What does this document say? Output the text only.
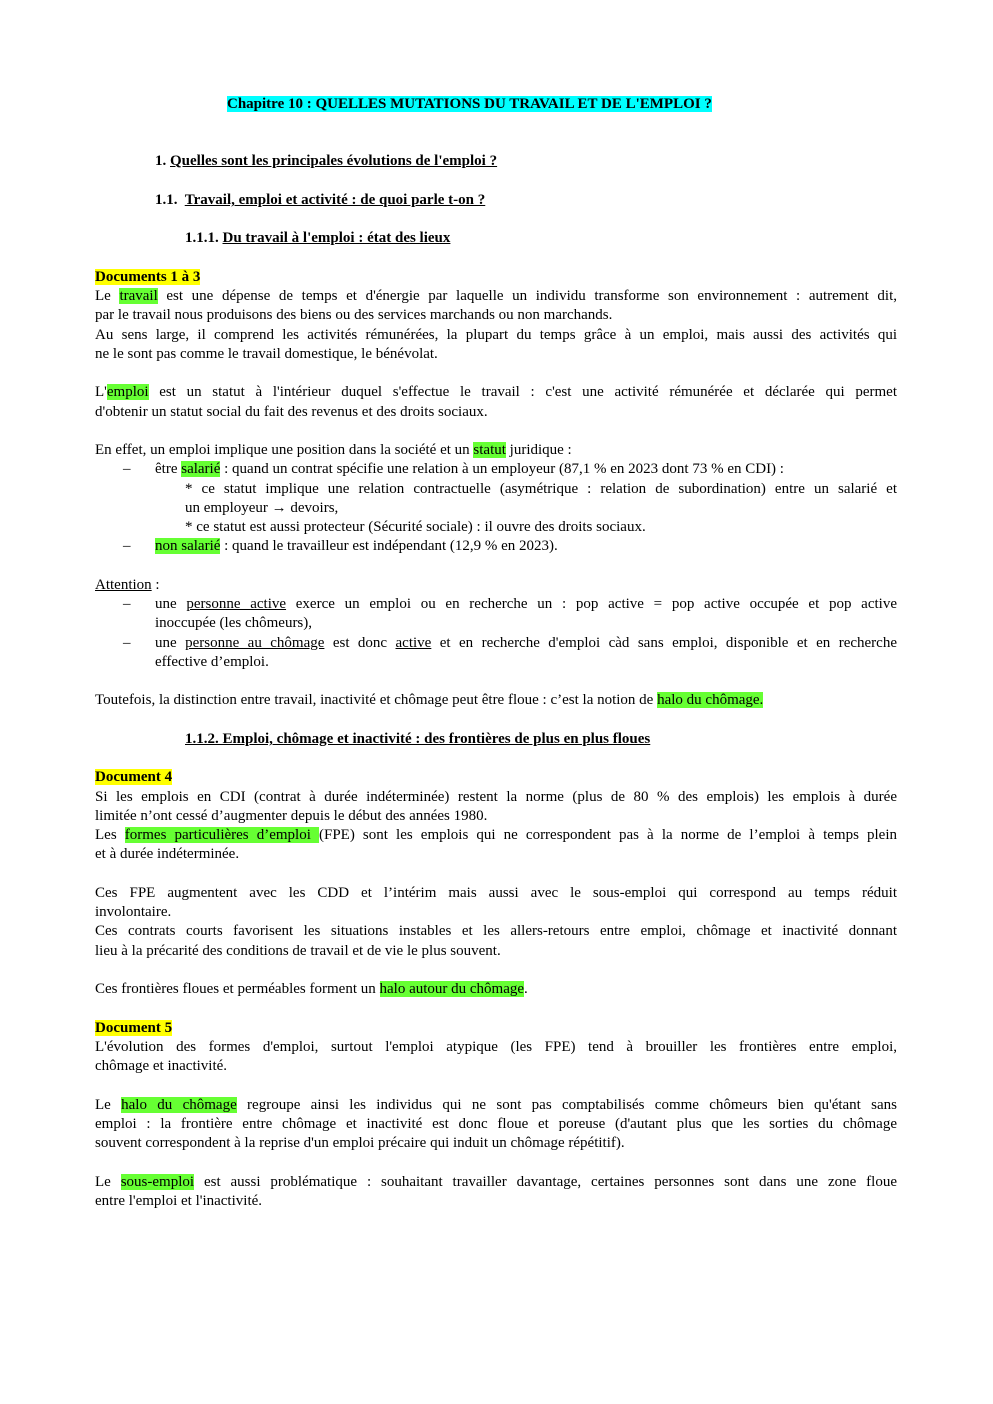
Chapitre 10 : QUELLES MUTATIONS DU TRAVAIL ET DE L'EMPLOI ?
1. Quelles sont les principales évolutions de l'emploi ?
1.1. Travail, emploi et activité : de quoi parle t-on ?
1.1.1. Du travail à l'emploi : état des lieux
Documents 1 à 3
Le travail est une dépense de temps et d'énergie par laquelle un individu transforme son environnement : autrement dit,
par le travail nous produisons des biens ou des services marchands ou non marchands.
Au sens large, il comprend les activités rémunérées, la plupart du temps grâce à un emploi, mais aussi des activités qui
ne le sont pas comme le travail domestique, le bénévolat.
L'emploi est un statut à l'intérieur duquel s'effectue le travail : c'est une activité rémunérée et déclarée qui permet
d'obtenir un statut social du fait des revenus et des droits sociaux.
En effet, un emploi implique une position dans la société et un statut juridique :
– être salarié : quand un contrat spécifie une relation à un employeur (87,1 % en 2023 dont 73 % en CDI) :
* ce statut implique une relation contractuelle (asymétrique : relation de subordination) entre un salarié et
un employeur → devoirs,
* ce statut est aussi protecteur (Sécurité sociale) : il ouvre des droits sociaux.
– non salarié : quand le travailleur est indépendant (12,9 % en 2023).
Attention :
– une personne active exerce un emploi ou en recherche un : pop active = pop active occupée et pop active
inoccupée (les chômeurs),
– une personne au chômage est donc active et en recherche d'emploi càd sans emploi, disponible et en recherche
effective d’emploi.
Toutefois, la distinction entre travail, inactivité et chômage peut être floue : c’est la notion de halo du chômage.
1.1.2. Emploi, chômage et inactivité : des frontières de plus en plus floues
Document 4
Si les emplois en CDI (contrat à durée indéterminée) restent la norme (plus de 80 % des emplois) les emplois à durée
limitée n’ont cessé d’augmenter depuis le début des années 1980.
Les formes particulières d’emploi (FPE) sont les emplois qui ne correspondent pas à la norme de l’emploi à temps plein
et à durée indéterminée.
Ces FPE augmentent avec les CDD et l’intérim mais aussi avec le sous-emploi qui correspond au temps réduit
involontaire.
Ces contrats courts favorisent les situations instables et les allers-retours entre emploi, chômage et inactivité donnant
lieu à la précarité des conditions de travail et de vie le plus souvent.
Ces frontières floues et perméables forment un halo autour du chômage.
Document 5
L'évolution des formes d'emploi, surtout l'emploi atypique (les FPE) tend à brouiller les frontières entre emploi,
chômage et inactivité.
Le halo du chômage regroupe ainsi les individus qui ne sont pas comptabilisés comme chômeurs bien qu'étant sans
emploi : la frontière entre chômage et inactivité est donc floue et poreuse (d'autant plus que les sorties du chômage
souvent correspondent à la reprise d'un emploi précaire qui induit un chômage répétitif).
Le sous-emploi est aussi problématique : souhaitant travailler davantage, certaines personnes sont dans une zone floue
entre l'emploi et l'inactivité.
